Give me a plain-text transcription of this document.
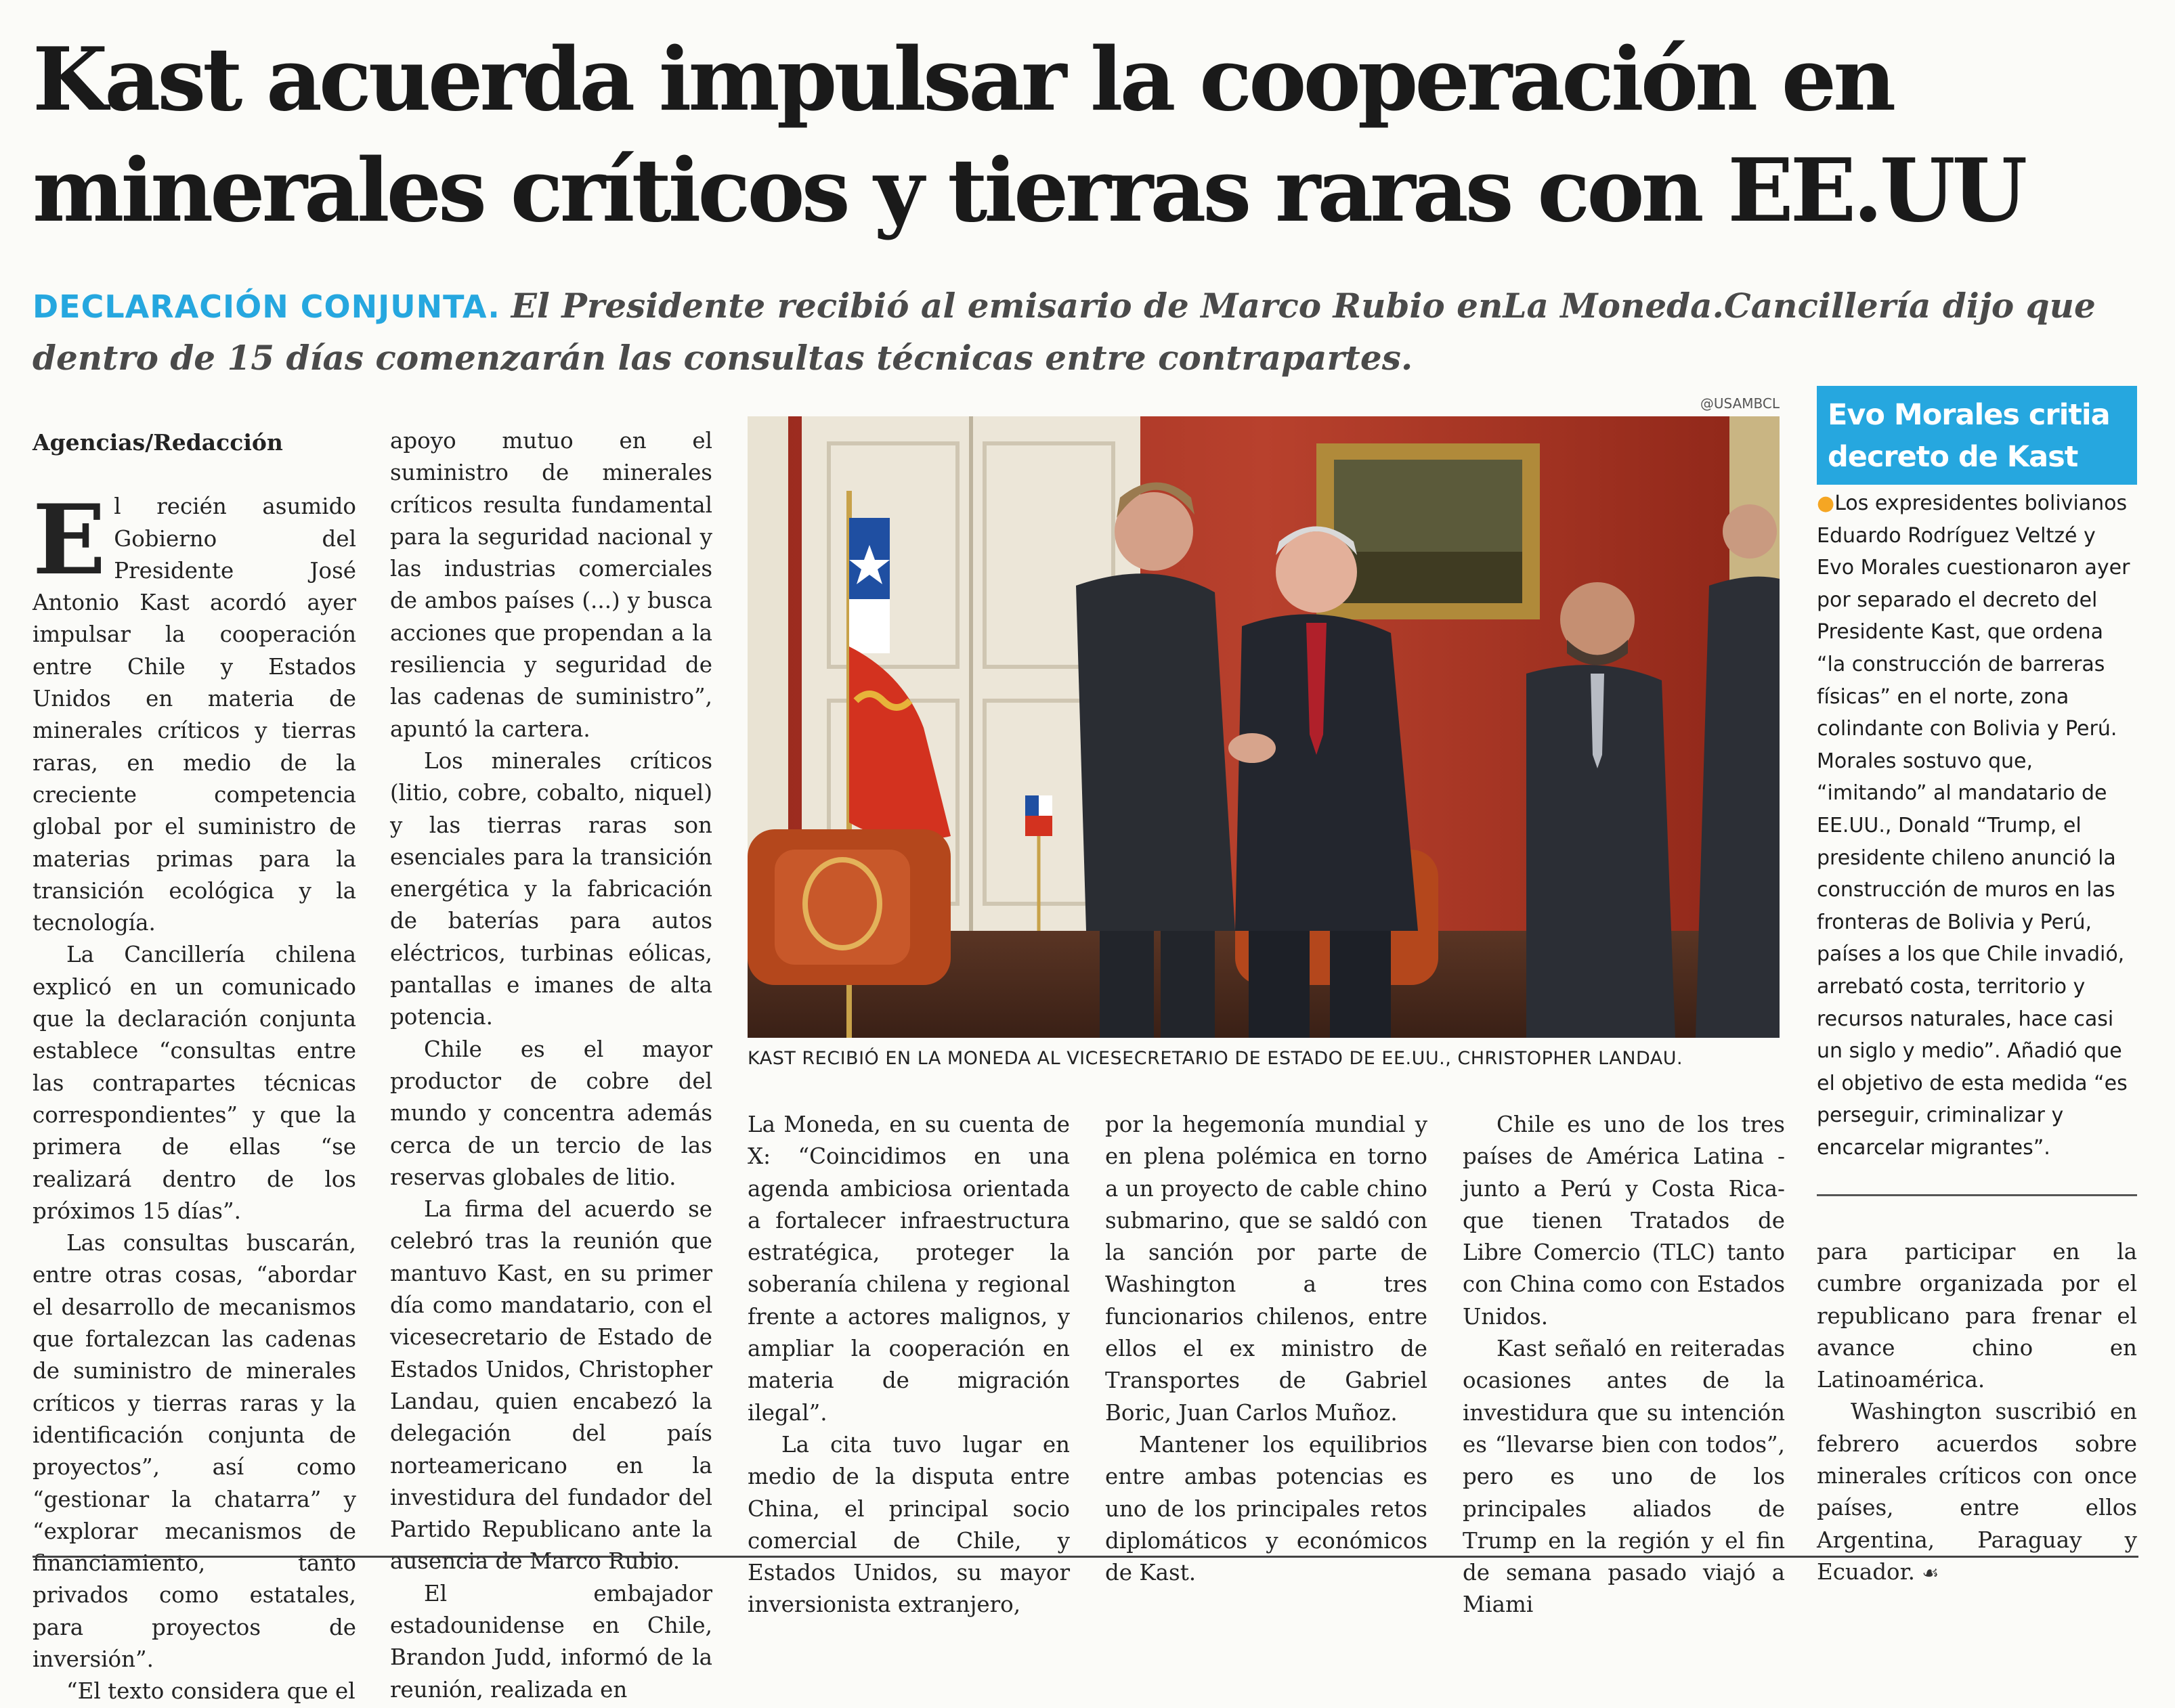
Kast acuerda impulsar la cooperación en minerales críticos y tierras raras con EE.UU

DECLARACIÓN CONJUNTA. El Presidente recibió al emisario de Marco Rubio enLa Moneda.Cancillería dijo que dentro de 15 días comenzarán las consultas técnicas entre contrapartes.

Agencias/Redacción

El recién asumido Gobierno del Presidente José Antonio Kast acordó ayer impulsar la cooperación entre Chile y Estados Unidos en materia de minerales críticos y tierras raras, en medio de la creciente competencia global por el suministro de materias primas para la transición ecológica y la tecnología.

La Cancillería chilena explicó en un comunicado que la declaración conjunta establece “consultas entre las contrapartes técnicas correspondientes” y que la primera de ellas “se realizará dentro de los próximos 15 días”.

Las consultas buscarán, entre otras cosas, “abordar el desarrollo de mecanismos que fortalezcan las cadenas de suministro de minerales críticos y tierras raras y la identificación conjunta de proyectos”, así como “gestionar la chatarra” y “explorar mecanismos de financiamiento, tanto privados como estatales, para proyectos de inversión”.

“El texto considera que el

apoyo mutuo en el suministro de minerales críticos resulta fundamental para la seguridad nacional y las industrias comerciales de ambos países (...) y busca acciones que propendan a la resiliencia y seguridad de las cadenas de suministro”, apuntó la cartera.

Los minerales críticos (litio, cobre, cobalto, niquel) y las tierras raras son esenciales para la transición energética y la fabricación de baterías para autos eléctricos, turbinas eólicas, pantallas e imanes de alta potencia.

Chile es el mayor productor de cobre del mundo y concentra además cerca de un tercio de las reservas globales de litio.

La firma del acuerdo se celebró tras la reunión que mantuvo Kast, en su primer día como mandatario, con el vicesecretario de Estado de Estados Unidos, Christopher Landau, quien encabezó la delegación del país norteamericano en la investidura del fundador del Partido Republicano ante la ausencia de Marco Rubio.

El embajador estadounidense en Chile, Brandon Judd, informó de la reunión, realizada en

@USAMBCL
KAST RECIBIÓ EN LA MONEDA AL VICESECRETARIO DE ESTADO DE EE.UU., CHRISTOPHER LANDAU.

La Moneda, en su cuenta de X: “Coincidimos en una agenda ambiciosa orientada a fortalecer infraestructura estratégica, proteger la soberanía chilena y regional frente a actores malignos, y ampliar la cooperación en materia de migración ilegal”.

La cita tuvo lugar en medio de la disputa entre China, el principal socio comercial de Chile, y Estados Unidos, su mayor inversionista extranjero,

por la hegemonía mundial y en plena polémica en torno a un proyecto de cable chino submarino, que se saldó con la sanción por parte de Washington a tres funcionarios chilenos, entre ellos el ex ministro de Transportes de Gabriel Boric, Juan Carlos Muñoz.

Mantener los equilibrios entre ambas potencias es uno de los principales retos diplomáticos y económicos de Kast.

Chile es uno de los tres países de América Latina -junto a Perú y Costa Rica- que tienen Tratados de Libre Comercio (TLC) tanto con China como con Estados Unidos.

Kast señaló en reiteradas ocasiones antes de la investidura que su intención es “llevarse bien con todos”, pero es uno de los principales aliados de Trump en la región y el fin de semana pasado viajó a Miami

Evo Morales critia decreto de Kast

●Los expresidentes bolivianos Eduardo Rodríguez Veltzé y Evo Morales cuestionaron ayer por separado el decreto del Presidente Kast, que ordena “la construcción de barreras físicas” en el norte, zona colindante con Bolivia y Perú. Morales sostuvo que, “imitando” al mandatario de EE.UU., Donald “Trump, el presidente chileno anunció la construcción de muros en las fronteras de Bolivia y Perú, países a los que Chile invadió, arrebató costa, territorio y recursos naturales, hace casi un siglo y medio”. Añadió que el objetivo de esta medida “es perseguir, criminalizar y encarcelar migrantes”.

para participar en la cumbre organizada por el republicano para frenar el avance chino en Latinoamérica.

Washington suscribió en febrero acuerdos sobre minerales críticos con once países, entre ellos Argentina, Paraguay y Ecuador. ☙
